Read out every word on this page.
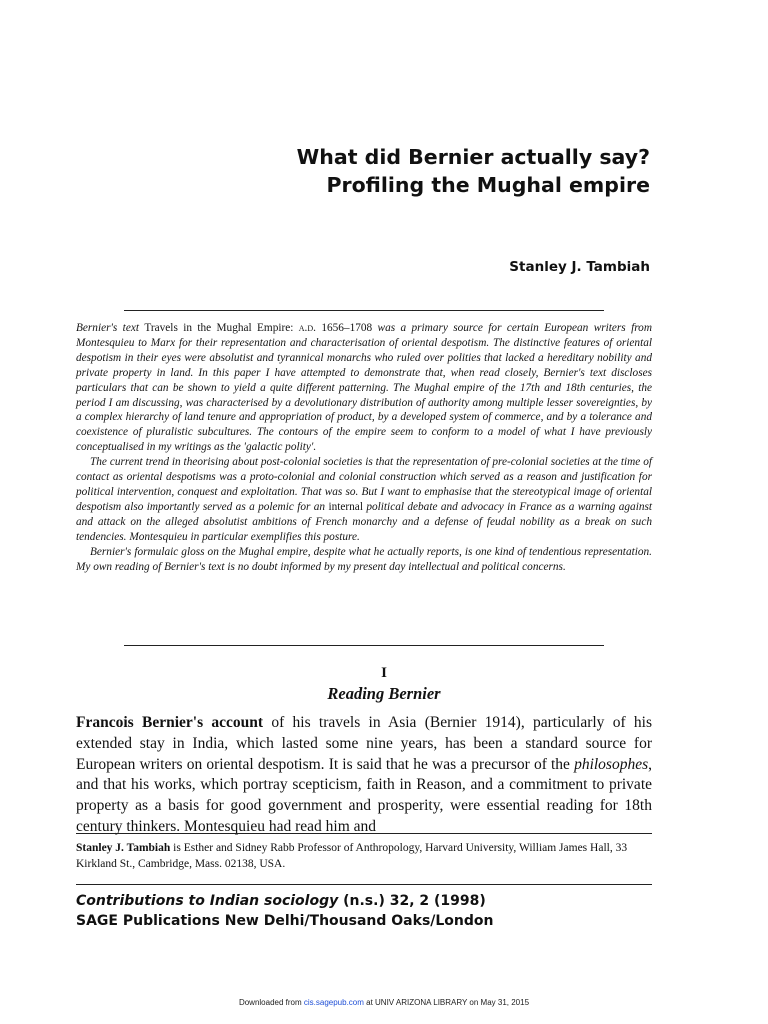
What did Bernier actually say?
Profiling the Mughal empire
Stanley J. Tambiah

Bernier's text Travels in the Mughal Empire: a.d. 1656–1708 was a primary source for certain European writers from Montesquieu to Marx for their representation and characterisation of oriental despotism. The distinctive features of oriental despotism in their eyes were absolutist and tyrannical monarchs who ruled over polities that lacked a hereditary nobility and private property in land. In this paper I have attempted to demonstrate that, when read closely, Bernier's text discloses particulars that can be shown to yield a quite different patterning. The Mughal empire of the 17th and 18th centuries, the period I am discussing, was characterised by a devolutionary distribution of authority among multiple lesser sovereignties, by a complex hierarchy of land tenure and appropriation of product, by a developed system of commerce, and by a tolerance and coexistence of pluralistic subcultures. The contours of the empire seem to conform to a model of what I have previously conceptualised in my writings as the 'galactic polity'.

The current trend in theorising about post-colonial societies is that the representation of pre-colonial societies at the time of contact as oriental despotisms was a proto-colonial and colonial construction which served as a reason and justification for political intervention, conquest and exploitation. That was so. But I want to emphasise that the stereotypical image of oriental despotism also importantly served as a polemic for an internal political debate and advocacy in France as a warning against and attack on the alleged absolutist ambitions of French monarchy and a defense of feudal nobility as a break on such tendencies. Montesquieu in particular exemplifies this posture.

Bernier's formulaic gloss on the Mughal empire, despite what he actually reports, is one kind of tendentious representation. My own reading of Bernier's text is no doubt informed by my present day intellectual and political concerns.

I
Reading Bernier

Francois Bernier's account of his travels in Asia (Bernier 1914), particularly of his extended stay in India, which lasted some nine years, has been a standard source for European writers on oriental despotism. It is said that he was a precursor of the philosophes, and that his works, which portray scepticism, faith in Reason, and a commitment to private property as a basis for good government and prosperity, were essential reading for 18th century thinkers. Montesquieu had read him and

Stanley J. Tambiah is Esther and Sidney Rabb Professor of Anthropology, Harvard University, William James Hall, 33 Kirkland St., Cambridge, Mass. 02138, USA.

Contributions to Indian sociology (n.s.) 32, 2 (1998)
SAGE Publications New Delhi/Thousand Oaks/London
Downloaded from cis.sagepub.com at UNIV ARIZONA LIBRARY on May 31, 2015
